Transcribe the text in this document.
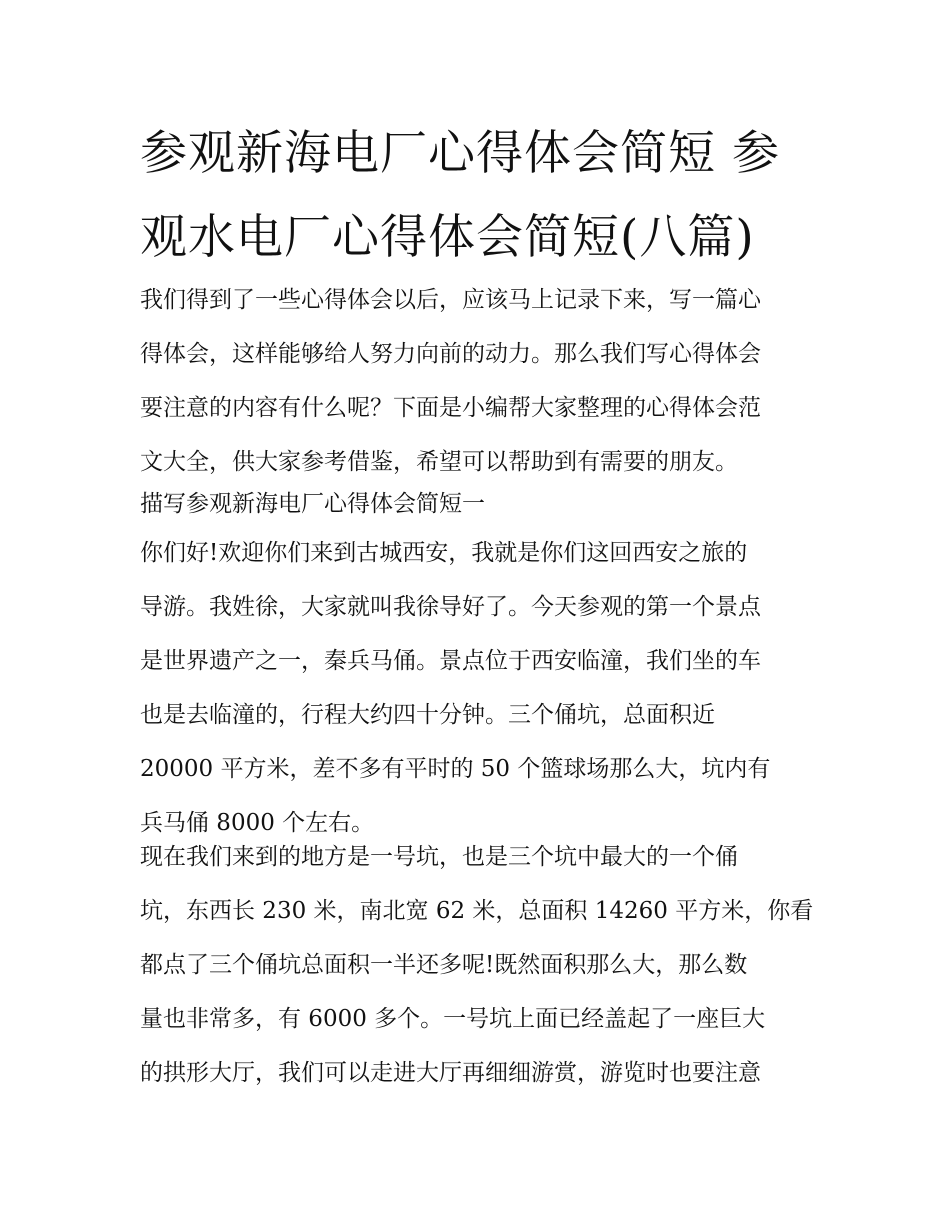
参观新海电厂心得体会简短 参
观水电厂心得体会简短(八篇)
我们得到了一些心得体会以后，应该马上记录下来，写一篇心
得体会，这样能够给人努力向前的动力。那么我们写心得体会
要注意的内容有什么呢？下面是小编帮大家整理的心得体会范
文大全，供大家参考借鉴，希望可以帮助到有需要的朋友。
描写参观新海电厂心得体会简短一
你们好!欢迎你们来到古城西安，我就是你们这回西安之旅的
导游。我姓徐，大家就叫我徐导好了。今天参观的第一个景点
是世界遗产之一，秦兵马俑。景点位于西安临潼，我们坐的车
也是去临潼的，行程大约四十分钟。三个俑坑，总面积近
20000 平方米，差不多有平时的 50 个篮球场那么大，坑内有
兵马俑 8000 个左右。
现在我们来到的地方是一号坑，也是三个坑中最大的一个俑
坑，东西长 230 米，南北宽 62 米，总面积 14260 平方米，你看
都点了三个俑坑总面积一半还多呢!既然面积那么大，那么数
量也非常多，有 6000 多个。一号坑上面已经盖起了一座巨大
的拱形大厅，我们可以走进大厅再细细游赏，游览时也要注意
